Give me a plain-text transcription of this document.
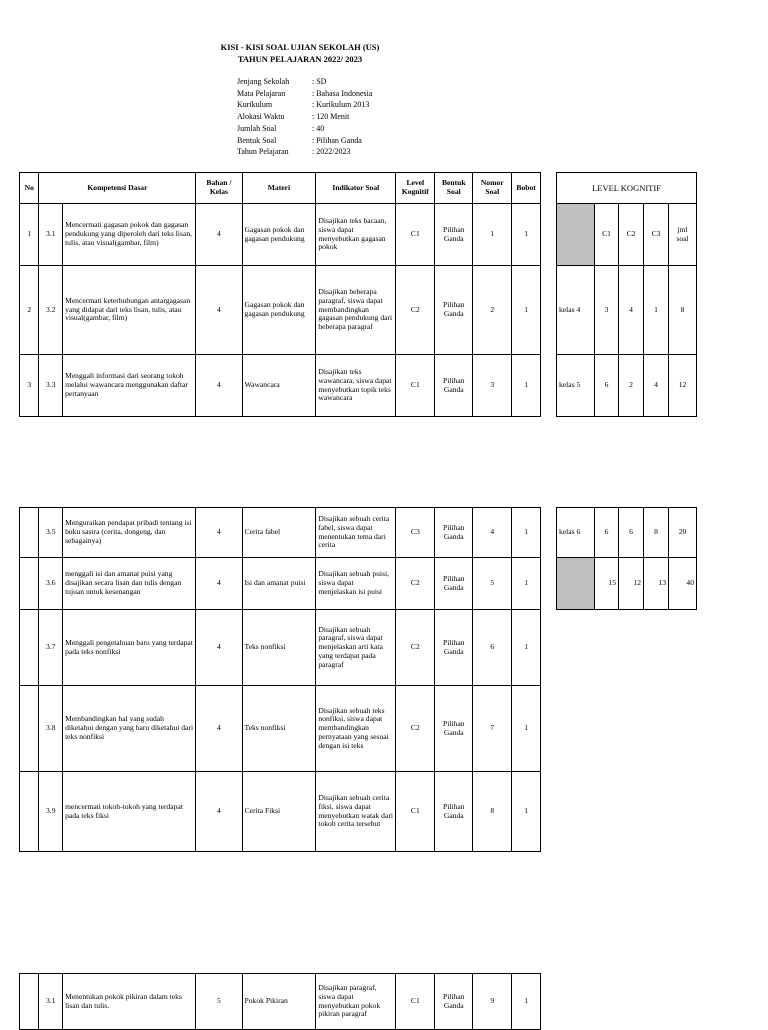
KISI - KISI SOAL UJIAN SEKOLAH (US)
TAHUN PELAJARAN 2022/ 2023
Jenjang Sekolah	: SD
Mata Pelajaran	: Bahasa Indonesia
Kurikulum	: Kurikulum 2013
Alokasi Waktu	: 120 Menit
Jumlah Soal	: 40
Bentuk Soal	: Pilihan Ganda
Tahun Pelajaran	: 2022/2023
No	Kompetensi Dasar		Bahan / Kelas	Materi	Indikator Soal	Level Kognitif	Bentuk Soal	Nomor Soal	Bobot
1	3.1	Mencermati gagasan pokok dan gagasan pendukung yang diperoleh dari teks lisan, tulis, atau visual(gambar, film)	4	Gagasan pokok dan gagasan pendukung	Disajikan teks bacaan, siswa dapat menyebutkan gagasan pokok	C1	Pilihan Ganda	1	1
2	3.2	Mencermati keterhubungan antargagasan yang didapat dari teks lisan, tulis, atau visual(gambar, film)	4	Gagasan pokok dan gagasan pendukung	Disajikan beberapa paragraf, siswa dapat membandingkan gagasan pendukung dari beberapa paragraf	C2	Pilihan Ganda	2	1
3	3.3	Menggali informasi dari seorang tokoh melalui wawancara menggunakan daftar pertanyaan	4	Wawancara	Disajikan teks wawancara, siswa dapat menyebutkan topik teks wawancara	C1	Pilihan Ganda	3	1
LEVEL KOGNITIF				
	C1	C2	C3	jml soal
kelas 4	3	4	1	8
kelas 5	6	2	4	12
	3.5	Menguraikan pendapat pribadi tentang isi buku sastra (cerita, dongeng, dan sebagainya)	4	Cerita fabel	Disajikan sebuah cerita fabel, siswa dapat menentukan tema dari cerita	C3	Pilihan Ganda	4	1
	3.6	menggali isi dan amanat puisi yang disajikan secara lisan dan tulis dengan tujuan untuk kesenangan	4	Isi dan amanat puisi	Disajikan sebuah puisi, siswa dapat menjelaskan isi puisi	C2	Pilihan Ganda	5	1
	3.7	Menggali pengetahuan baru yang terdapat pada teks nonfiksi	4	Teks nonfiksi	Disajikan sebuah paragraf, siswa dapat menjelaskan arti kata yang terdapat pada paragraf	C2	Pilihan Ganda	6	1
	3.8	Membandingkan hal yang sudah diketahui dengan yang baru diketahui dari teks nonfiksi	4	Teks nonfiksi	Disajikan sebuah teks nonfiksi, siswa dapat membandingkan pernyataan yang sesuai dengan isi teks	C2	Pilihan Ganda	7	1
	3.9	mencermati tokoh-tokoh yang terdapat pada teks fiksi	4	Cerita Fiksi	Disajikan sebuah cerita fiksi, siswa dapat menyebutkan watak dari tokoh cerita tersebut	C1	Pilihan Ganda	8	1
kelas 6	6	6	8	20
	15	12	13	40
	3.1	Menentukan pokok pikiran dalam teks lisan dan tulis.	5	Pokok Pikiran	Disajikan paragraf, siswa dapat menyebutkan pokok pikiran paragraf	C1	Pilihan Ganda	9	1
